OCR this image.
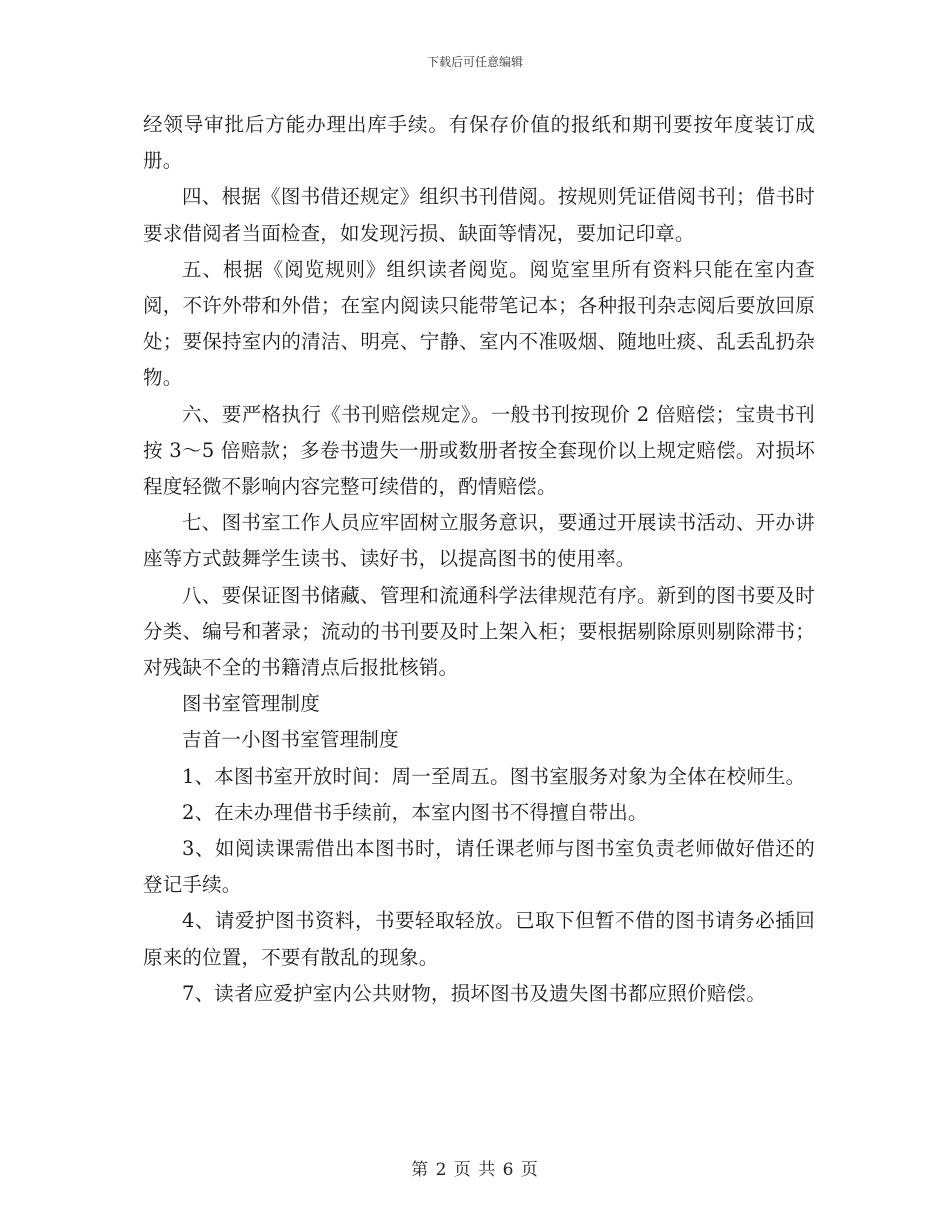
下载后可任意编辑

经领导审批后方能办理出库手续。有保存价值的报纸和期刊要按年度装订成册。

四、根据《图书借还规定》组织书刊借阅。按规则凭证借阅书刊；借书时要求借阅者当面检查，如发现污损、缺面等情况，要加记印章。

五、根据《阅览规则》组织读者阅览。阅览室里所有资料只能在室内查阅，不许外带和外借；在室内阅读只能带笔记本；各种报刊杂志阅后要放回原处；要保持室内的清洁、明亮、宁静、室内不准吸烟、随地吐痰、乱丢乱扔杂物。

六、要严格执行《书刊赔偿规定》。一般书刊按现价 2 倍赔偿；宝贵书刊按 3～5 倍赔款；多卷书遗失一册或数册者按全套现价以上规定赔偿。对损坏程度轻微不影响内容完整可续借的，酌情赔偿。

七、图书室工作人员应牢固树立服务意识，要通过开展读书活动、开办讲座等方式鼓舞学生读书、读好书，以提高图书的使用率。

八、要保证图书储藏、管理和流通科学法律规范有序。新到的图书要及时分类、编号和著录；流动的书刊要及时上架入柜；要根据剔除原则剔除滞书；对残缺不全的书籍清点后报批核销。

图书室管理制度

吉首一小图书室管理制度

1、本图书室开放时间：周一至周五。图书室服务对象为全体在校师生。

2、在未办理借书手续前，本室内图书不得擅自带出。

3、如阅读课需借出本图书时，请任课老师与图书室负责老师做好借还的登记手续。

4、请爱护图书资料，书要轻取轻放。已取下但暂不借的图书请务必插回原来的位置，不要有散乱的现象。

7、读者应爱护室内公共财物，损坏图书及遗失图书都应照价赔偿。

第 2 页 共 6 页
